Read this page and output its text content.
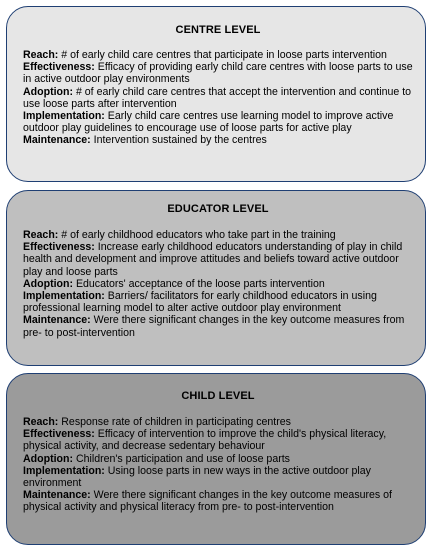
CENTRE LEVEL

Reach: # of early child care centres that participate in loose parts intervention

Effectiveness: Efficacy of providing early child care centres with loose parts to use in active outdoor play environments

Adoption: # of early child care centres that accept the intervention and continue to use loose parts after intervention

Implementation: Early child care centres use learning model to improve active outdoor play guidelines to encourage use of loose parts for active play

Maintenance: Intervention sustained by the centres

EDUCATOR LEVEL

Reach: # of early childhood educators who take part in the training

Effectiveness: Increase early childhood educators understanding of play in child health and development and improve attitudes and beliefs toward active outdoor play and loose parts

Adoption: Educators' acceptance of the loose parts intervention

Implementation: Barriers/ facilitators for early childhood educators in using professional learning model to alter active outdoor play environment

Maintenance: Were there significant changes in the key outcome measures from pre- to post-intervention

CHILD LEVEL

Reach: Response rate of children in participating centres

Effectiveness: Efficacy of intervention to improve the child's physical literacy, physical activity, and decrease sedentary behaviour

Adoption: Children's participation and use of loose parts

Implementation: Using loose parts in new ways in the active outdoor play environment

Maintenance: Were there significant changes in the key outcome measures of physical activity and physical literacy from pre- to post-intervention
